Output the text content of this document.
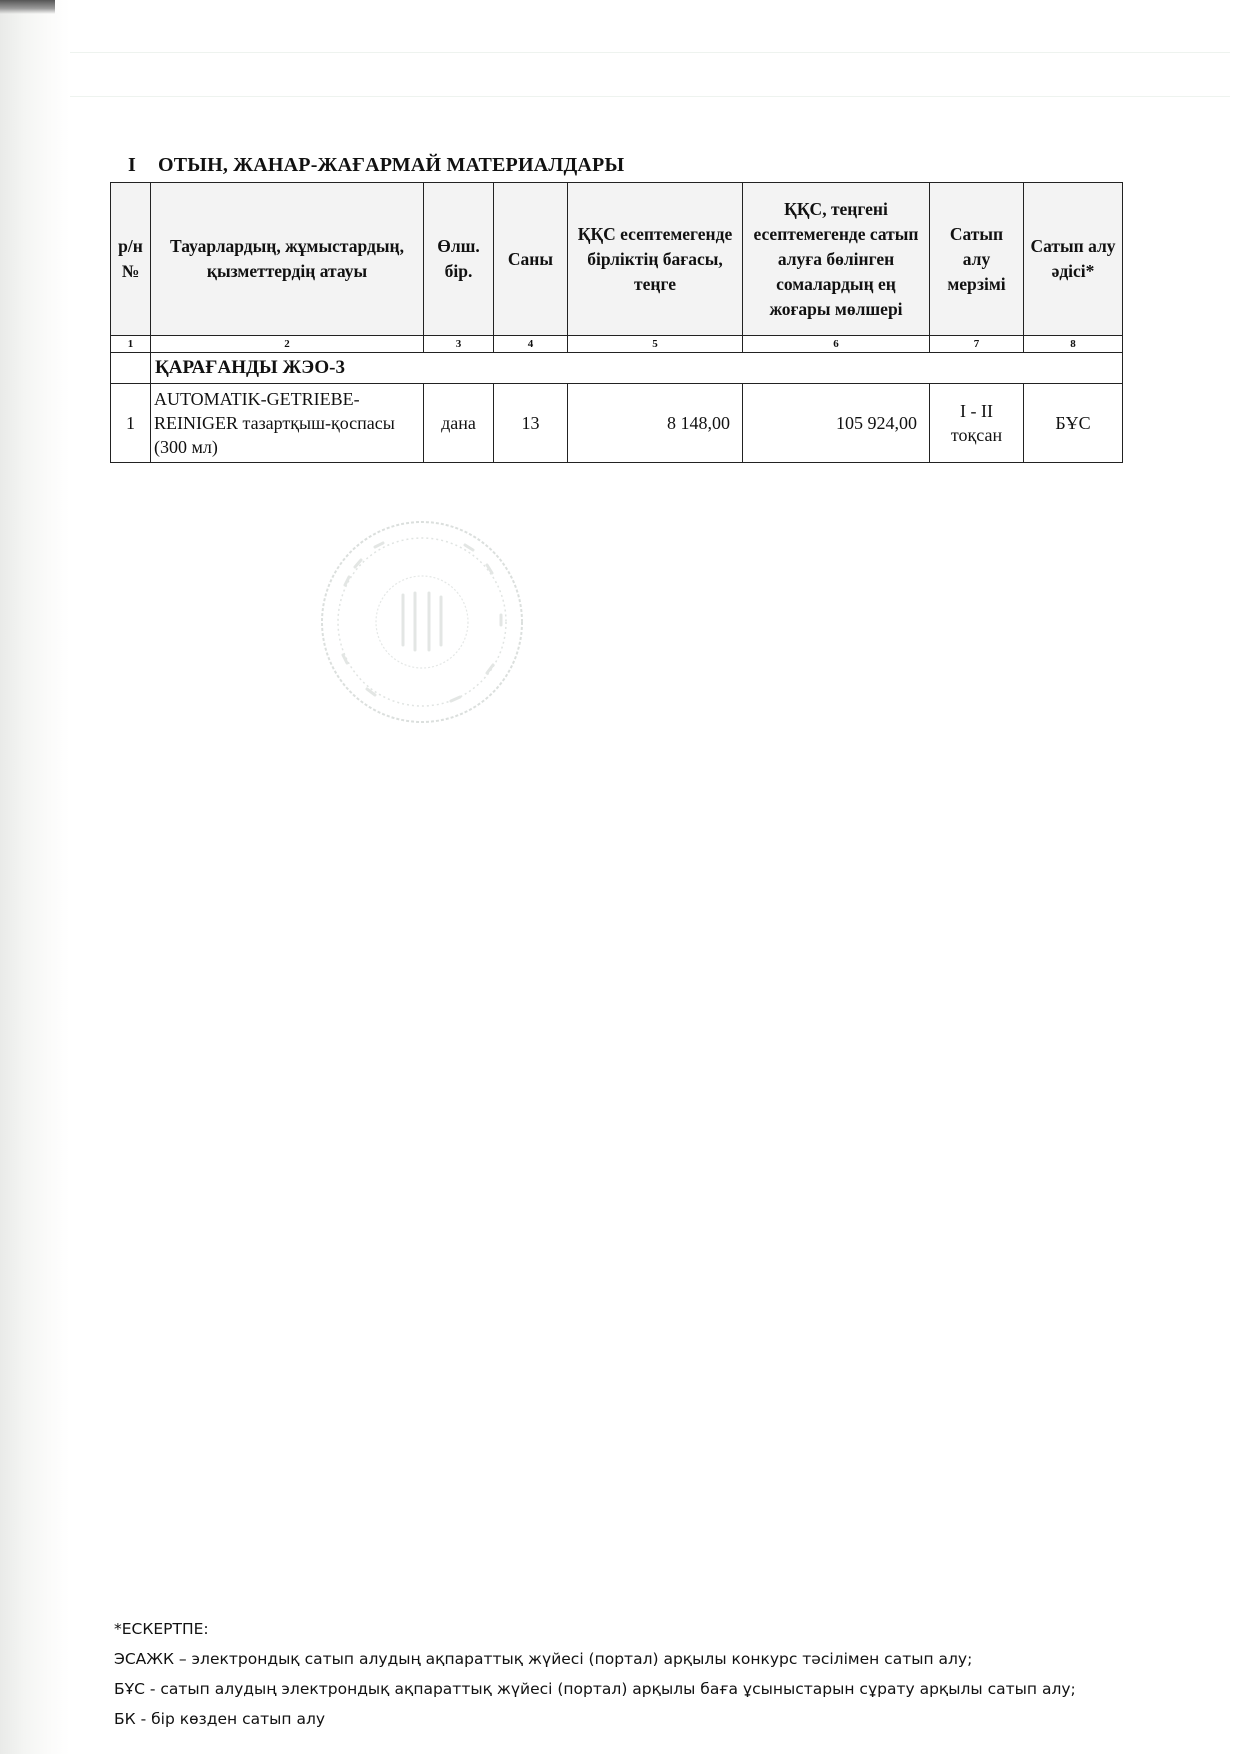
I ОТЫН, ЖАНАР-ЖАҒАРМАЙ МАТЕРИАЛДАРЫ
р/н №	Тауарлардың, жұмыстардың, қызметтердің атауы	Өлш. бір.	Саны	ҚҚС есептемегенде бірліктің бағасы, теңге	ҚҚС, теңгені есептемегенде сатып алуға бөлінген сомалардың ең жоғары мөлшері	Сатып алу мерзімі	Сатып алу әдісі*
1	2	3	4	5	6	7	8
	ҚАРАҒАНДЫ ЖЭО-3						
1	AUTOMATIK-GETRIEBE-REINIGER тазартқыш-қоспасы (300 мл)	дана	13	8 148,00	105 924,00	I - II тоқсан	БҰС
*ЕСКЕРТПЕ:
ЭСАЖК – электрондық сатып алудың ақпараттық жүйесі (портал) арқылы конкурс тәсілімен сатып алу;
БҰС - сатып алудың электрондық ақпараттық жүйесі (портал) арқылы баға ұсыныстарын сұрату арқылы сатып алу;
БК - бір көзден сатып алу
